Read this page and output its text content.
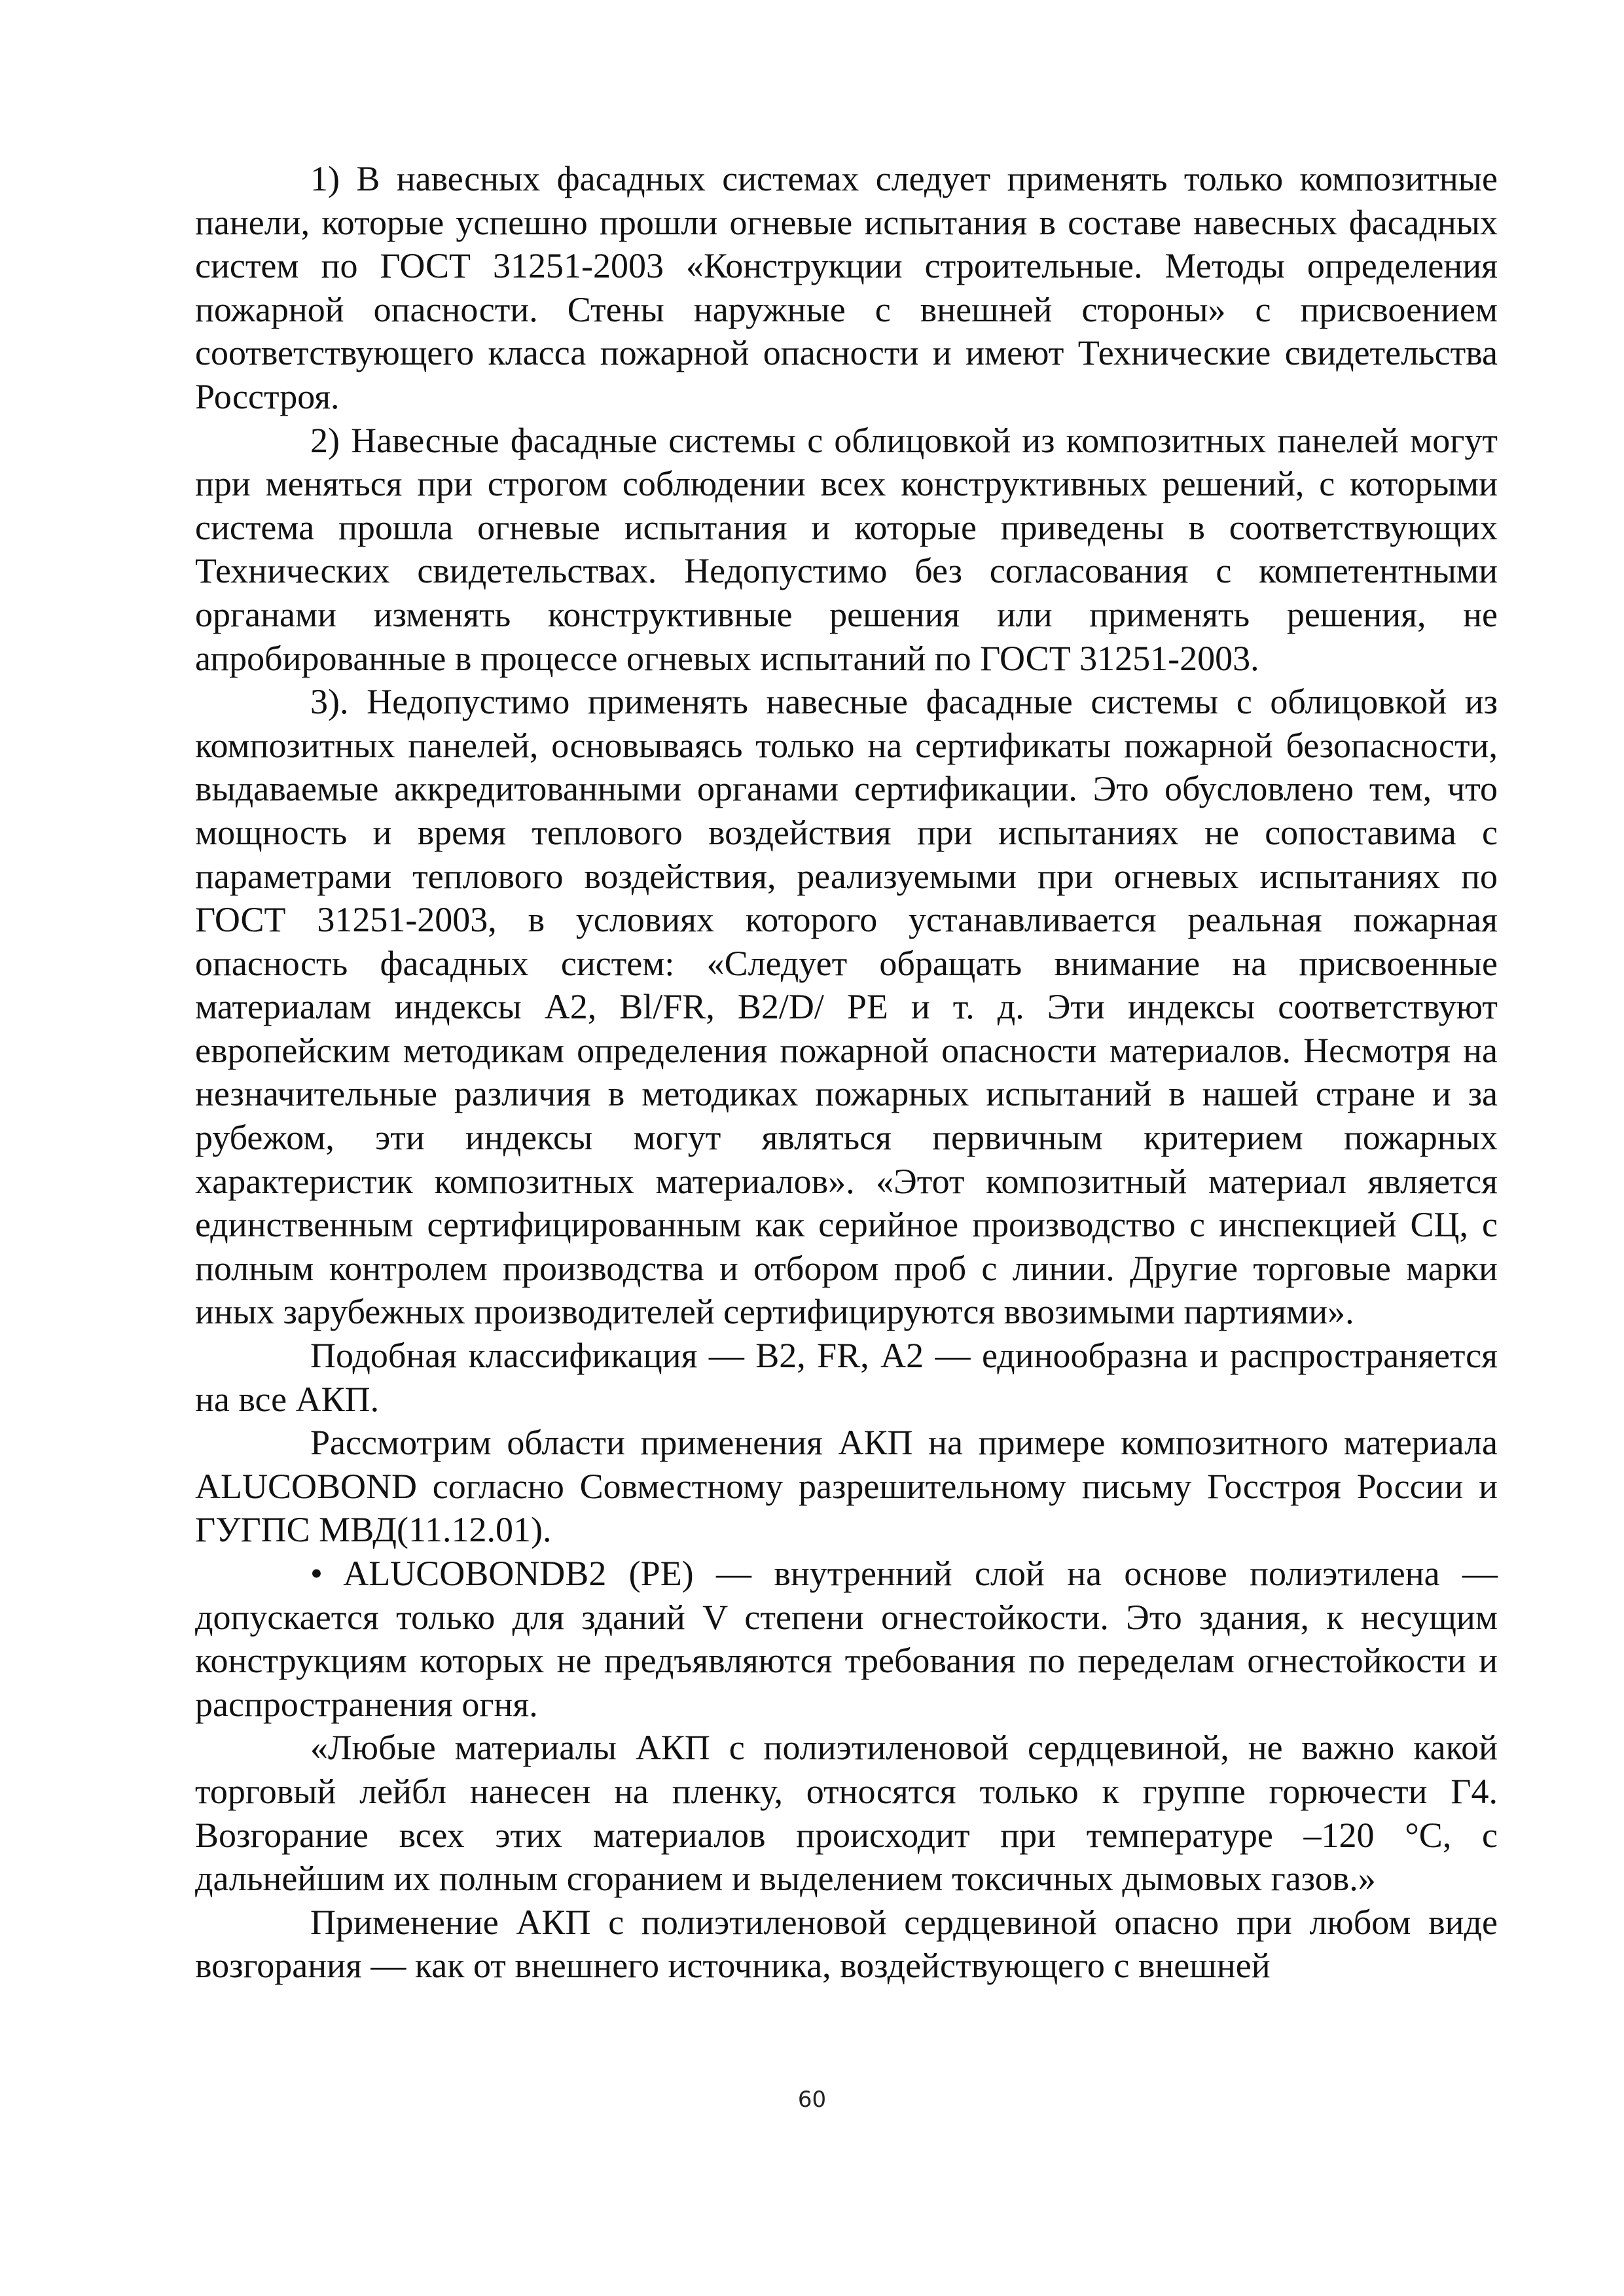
1) В навесных фасадных системах следует применять только композитные панели, которые успешно прошли огневые испытания в составе навесных фасадных систем по ГОСТ 31251-2003 «Конструкции строительные. Методы определения пожарной опасности. Стены наружные с внешней стороны» с присвоением соответствующего класса пожарной опасности и имеют Технические свидетельства Росстроя.

2) Навесные фасадные системы с облицовкой из композитных панелей могут при меняться при строгом соблюдении всех конструктивных решений, с которыми система прошла огневые испытания и которые приведены в соответствующих Технических свидетельствах. Недопустимо без согласования с компетентными органами изменять конструктивные решения или применять решения, не апробированные в процессе огневых испытаний по ГОСТ 31251-2003.

3). Недопустимо применять навесные фасадные системы с облицовкой из композитных панелей, основываясь только на сертификаты пожарной безопасности, выдаваемые аккредитованными органами сертификации. Это обусловлено тем, что мощность и время теплового воздействия при испытаниях не сопоставима с параметрами теплового воздействия, реализуемыми при огневых испытаниях по ГОСТ 31251-2003, в условиях которого устанавливается реальная пожарная опасность фасадных систем: «Следует обращать внимание на присвоенные материалам индексы А2, Bl/FR, B2/D/ РЕ и т. д. Эти индексы соответствуют европейским методикам определения пожарной опасности материалов. Несмотря на незначительные различия в методиках пожарных испытаний в нашей стране и за рубежом, эти индексы могут являться первичным критерием пожарных характеристик композитных материалов». «Этот композитный материал является единственным сертифицированным как серийное производство с инспекцией СЦ, с полным контролем производства и отбором проб с линии. Другие торговые марки иных зарубежных производителей сертифицируются ввозимыми партиями».

Подобная классификация — В2, FR, А2 — единообразна и распространяется на все АКП.

Рассмотрим области применения АКП на примере композитного материала ALUCOBOND согласно Совместному разрешительному письму Госстроя России и ГУГПС МВД(11.12.01).

• ALUCOBONDB2 (РЕ) — внутренний слой на основе полиэтилена — допускается только для зданий V степени огнестойкости. Это здания, к несущим конструкциям которых не предъявляются требования по переделам огнестойкости и распространения огня.

«Любые материалы АКП с полиэтиленовой сердцевиной, не важно какой торговый лейбл нанесен на пленку, относятся только к группе горючести Г4. Возгорание всех этих материалов происходит при температуре –120 °С, с дальнейшим их полным сгоранием и выделением токсичных дымовых газов.»

Применение АКП с полиэтиленовой сердцевиной опасно при любом виде возгорания — как от внешнего источника, воздействующего с внешней

60
